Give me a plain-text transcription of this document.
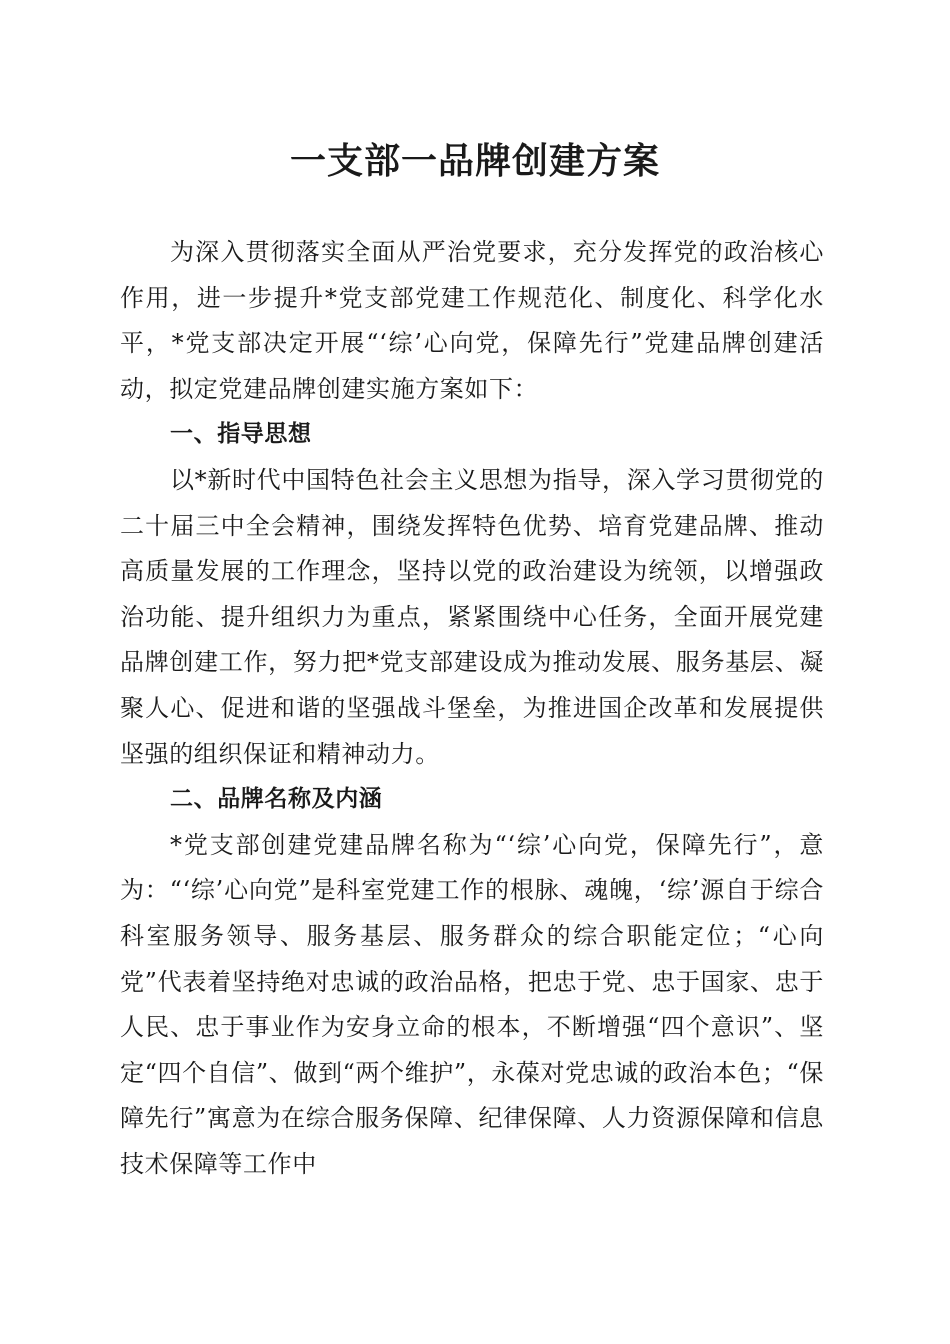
一支部一品牌创建方案

为深入贯彻落实全面从严治党要求，充分发挥党的政治核心作用，进一步提升*党支部党建工作规范化、制度化、科学化水平，*党支部决定开展“‘综’心向党，保障先行”党建品牌创建活动，拟定党建品牌创建实施方案如下：

一、指导思想

以*新时代中国特色社会主义思想为指导，深入学习贯彻党的二十届三中全会精神，围绕发挥特色优势、培育党建品牌、推动高质量发展的工作理念，坚持以党的政治建设为统领，以增强政治功能、提升组织力为重点，紧紧围绕中心任务，全面开展党建品牌创建工作，努力把*党支部建设成为推动发展、服务基层、凝聚人心、促进和谐的坚强战斗堡垒，为推进国企改革和发展提供坚强的组织保证和精神动力。

二、品牌名称及内涵

*党支部创建党建品牌名称为“‘综’心向党，保障先行”，意为：“‘综’心向党”是科室党建工作的根脉、魂魄，‘综’源自于综合科室服务领导、服务基层、服务群众的综合职能定位；“心向党”代表着坚持绝对忠诚的政治品格，把忠于党、忠于国家、忠于人民、忠于事业作为安身立命的根本，不断增强“四个意识”、坚定“四个自信”、做到“两个维护”，永葆对党忠诚的政治本色；“保障先行”寓意为在综合服务保障、纪律保障、人力资源保障和信息技术保障等工作中
